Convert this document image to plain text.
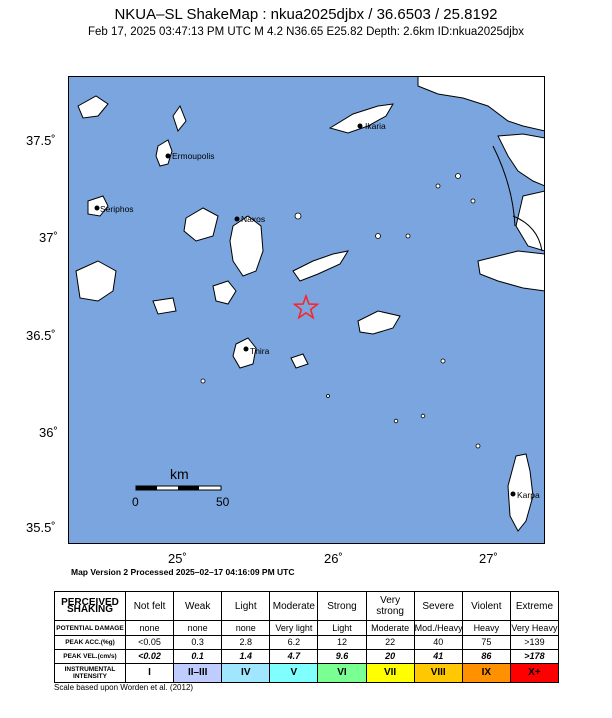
NKUA–SL ShakeMap : nkua2025djbx / 36.6503 / 25.8192
Feb 17, 2025 03:47:13 PM UTC M 4.2 N36.65 E25.82 Depth: 2.6km ID:nkua2025djbx
37.5˚
37˚
36.5˚
36˚
35.5˚
25˚	26˚	27˚
Ikaria
Ermoupolis
Seriphos
Naxos
Thira
Karpa
km
0	50
Map Version 2 Processed 2025–02–17 04:16:09 PM UTC
PERCEIVED SHAKING	Not felt	Weak	Light	Moderate	Strong	Very strong	Severe	Violent	Extreme
POTENTIAL DAMAGE	none	none	none	Very light	Light	Moderate	Mod./Heavy	Heavy	Very Heavy
PEAK ACC.(%g)	<0.05	0.3	2.8	6.2	12	22	40	75	>139
PEAK VEL.(cm/s)	<0.02	0.1	1.4	4.7	9.6	20	41	86	>178
INSTRUMENTAL INTENSITY	I	II–III	IV	V	VI	VII	VIII	IX	X+
Scale based upon Worden et al. (2012)
